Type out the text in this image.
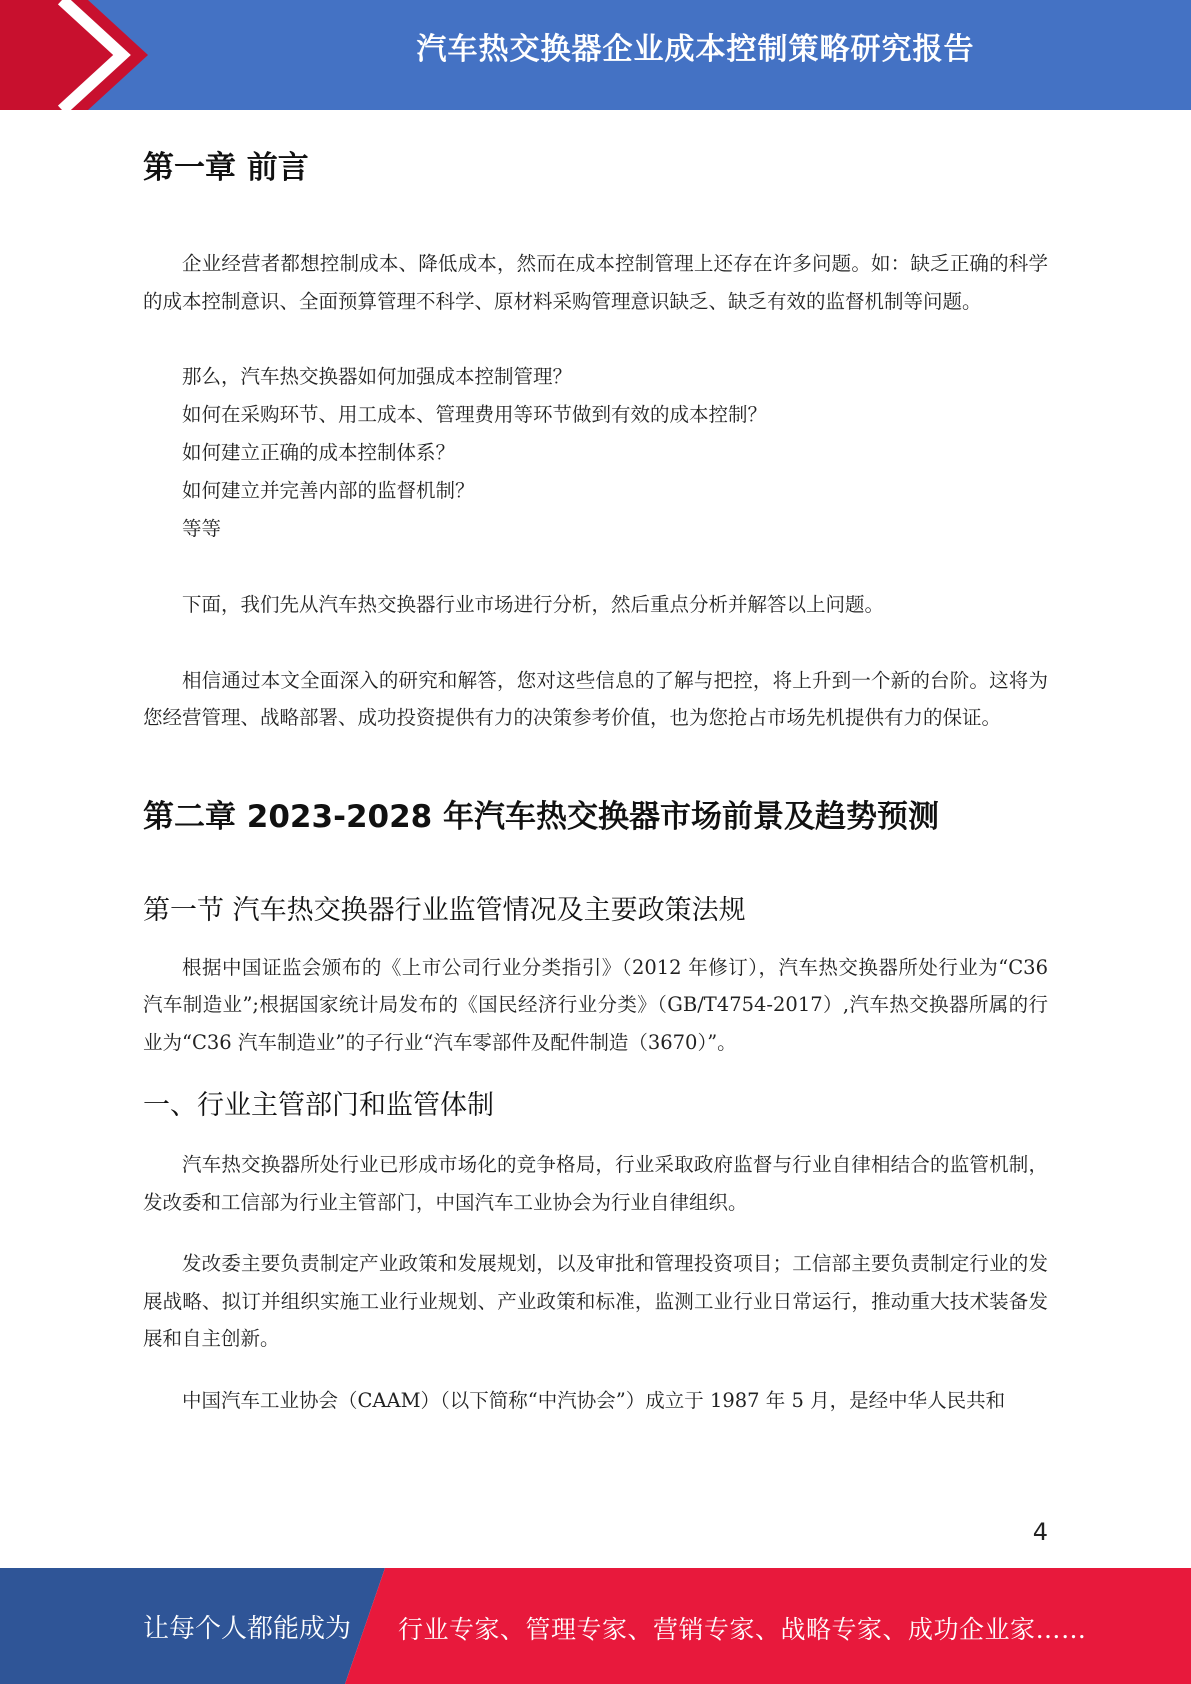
汽车热交换器企业成本控制策略研究报告
第一章 前言

企业经营者都想控制成本、降低成本，然而在成本控制管理上还存在许多问题。如：缺乏正确的科学的成本控制意识、全面预算管理不科学、原材料采购管理意识缺乏、缺乏有效的监督机制等问题。

那么，汽车热交换器如何加强成本控制管理？
如何在采购环节、用工成本、管理费用等环节做到有效的成本控制？
如何建立正确的成本控制体系？
如何建立并完善内部的监督机制？
等等

下面，我们先从汽车热交换器行业市场进行分析，然后重点分析并解答以上问题。

相信通过本文全面深入的研究和解答，您对这些信息的了解与把控，将上升到一个新的台阶。这将为您经营管理、战略部署、成功投资提供有力的决策参考价值，也为您抢占市场先机提供有力的保证。

第二章 2023-2028 年汽车热交换器市场前景及趋势预测
第一节 汽车热交换器行业监管情况及主要政策法规

根据中国证监会颁布的《上市公司行业分类指引》（2012 年修订），汽车热交换器所处行业为“C36 汽车制造业”;根据国家统计局发布的《国民经济行业分类》（GB/T4754-2017）,汽车热交换器所属的行业为“C36 汽车制造业”的子行业“汽车零部件及配件制造（3670）”。

一、行业主管部门和监管体制

汽车热交换器所处行业已形成市场化的竞争格局，行业采取政府监督与行业自律相结合的监管机制，发改委和工信部为行业主管部门，中国汽车工业协会为行业自律组织。

发改委主要负责制定产业政策和发展规划，以及审批和管理投资项目；工信部主要负责制定行业的发展战略、拟订并组织实施工业行业规划、产业政策和标准，监测工业行业日常运行，推动重大技术装备发展和自主创新。

中国汽车工业协会（CAAM）（以下简称“中汽协会”）成立于 1987 年 5 月，是经中华人民共和

4
让每个人都能成为 行业专家、管理专家、营销专家、战略专家、成功企业家……
